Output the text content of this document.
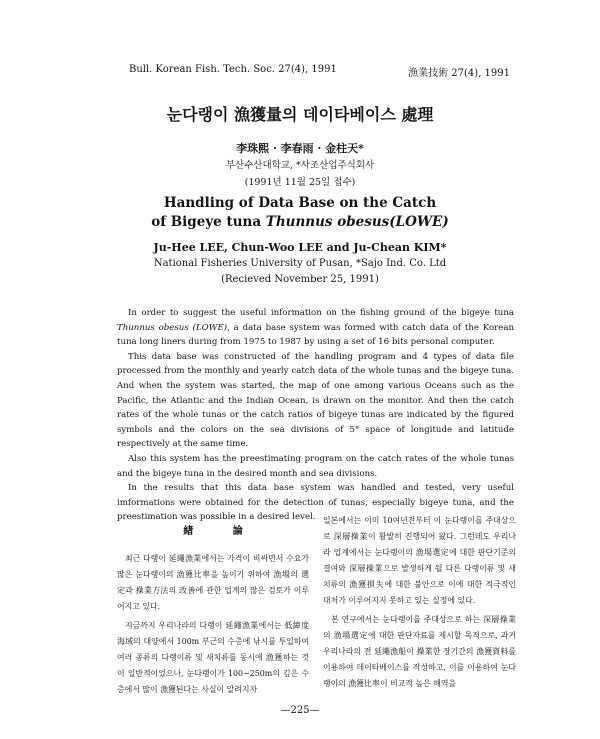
Bull. Korean Fish. Tech. Soc. 27(4), 1991	漁業技術 27(4), 1991
눈다랭이 漁獲量의 데이타베이스 處理
李珠熙 · 李春雨 · 金柱天*
부산수산대학교, *사조산업주식회사
(1991년 11월 25일 접수)
Handling of Data Base on the Catch
of Bigeye tuna Thunnus obesus(LOWE)
Ju-Hee LEE, Chun-Woo LEE and Ju-Chean KIM*
National Fisheries University of Pusan, *Sajo Ind. Co. Ltd
(Recieved November 25, 1991)

In order to suggest the useful information on the fishing ground of the bigeye tuna Thunnus obesus (LOWE), a data base system was formed with catch data of the Korean tuna long liners during from 1975 to 1987 by using a set of 16 bits personal computer.

This data base was constructed of the handling program and 4 types of data file processed from the monthly and yearly catch data of the whole tunas and the bigeye tuna. And when the system was started, the map of one among various Oceans such as the Pacific, the Atlantic and the Indian Ocean, is drawn on the monitor. And then the catch rates of the whole tunas or the catch ratios of bigeye tunas are indicated by the figured symbols and the colors on the sea divisions of 5° space of longitude and latitude respectively at the same time.

Also this system has the preestimating program on the catch rates of the whole tunas and the bigeye tuna in the desired month and sea divisions.

In the results that this data base system was handled and tested, very useful imformations were obtained for the detection of tunas, especially bigeye tuna, and the preestimation was possible in a desired level.

緖 論

최근 다랭이 延繩漁業에서는 가격이 비싸면서 수요가 많은 눈다랭이의 漁獲比率을 높이기 위하여 漁場의 選定과 操業方法의 改善에 관한 업계의 많은 검토가 이루어지고 있다.

지금까지 우리나라의 다랭이 延繩漁業에서는 低緯度 海域의 대양에서 100m 부근의 수층에 낚시를 투입하여 여러 종류의 다랭이류 및 새치류를 동시에 漁獲하는 것이 일반적이었으나, 눈다랭이가 100~250m의 깊은 수층에서 많이 漁獲된다는 사실이 알려지자

일본에서는 이미 10여년전부터 이 눈다랭이를 주대상으로 深層操業이 활발히 진행되어 왔다. 그런데도 우리나라 업계에서는 눈다랭이의 漁場選定에 대한 판단기준의 결여와 深層操業으로 발생하게 될 다른 다랭이류 및 새치류의 漁獲損失에 대한 불안으로 이에 대한 적극적인 대처가 이루어지지 못하고 있는 실정에 있다.

본 연구에서는 눈다랭이를 주대상으로 하는 深層操業의 漁場選定에 대한 판단자료를 제시할 목적으로, 과거 우리나라의 전 延繩漁船이 操業한 장기간의 漁獲資料를 이용하여 데이타베이스를 작성하고, 이를 이용하여 눈다랭이의 漁獲比率이 비교적 높은 해역을

—225—
